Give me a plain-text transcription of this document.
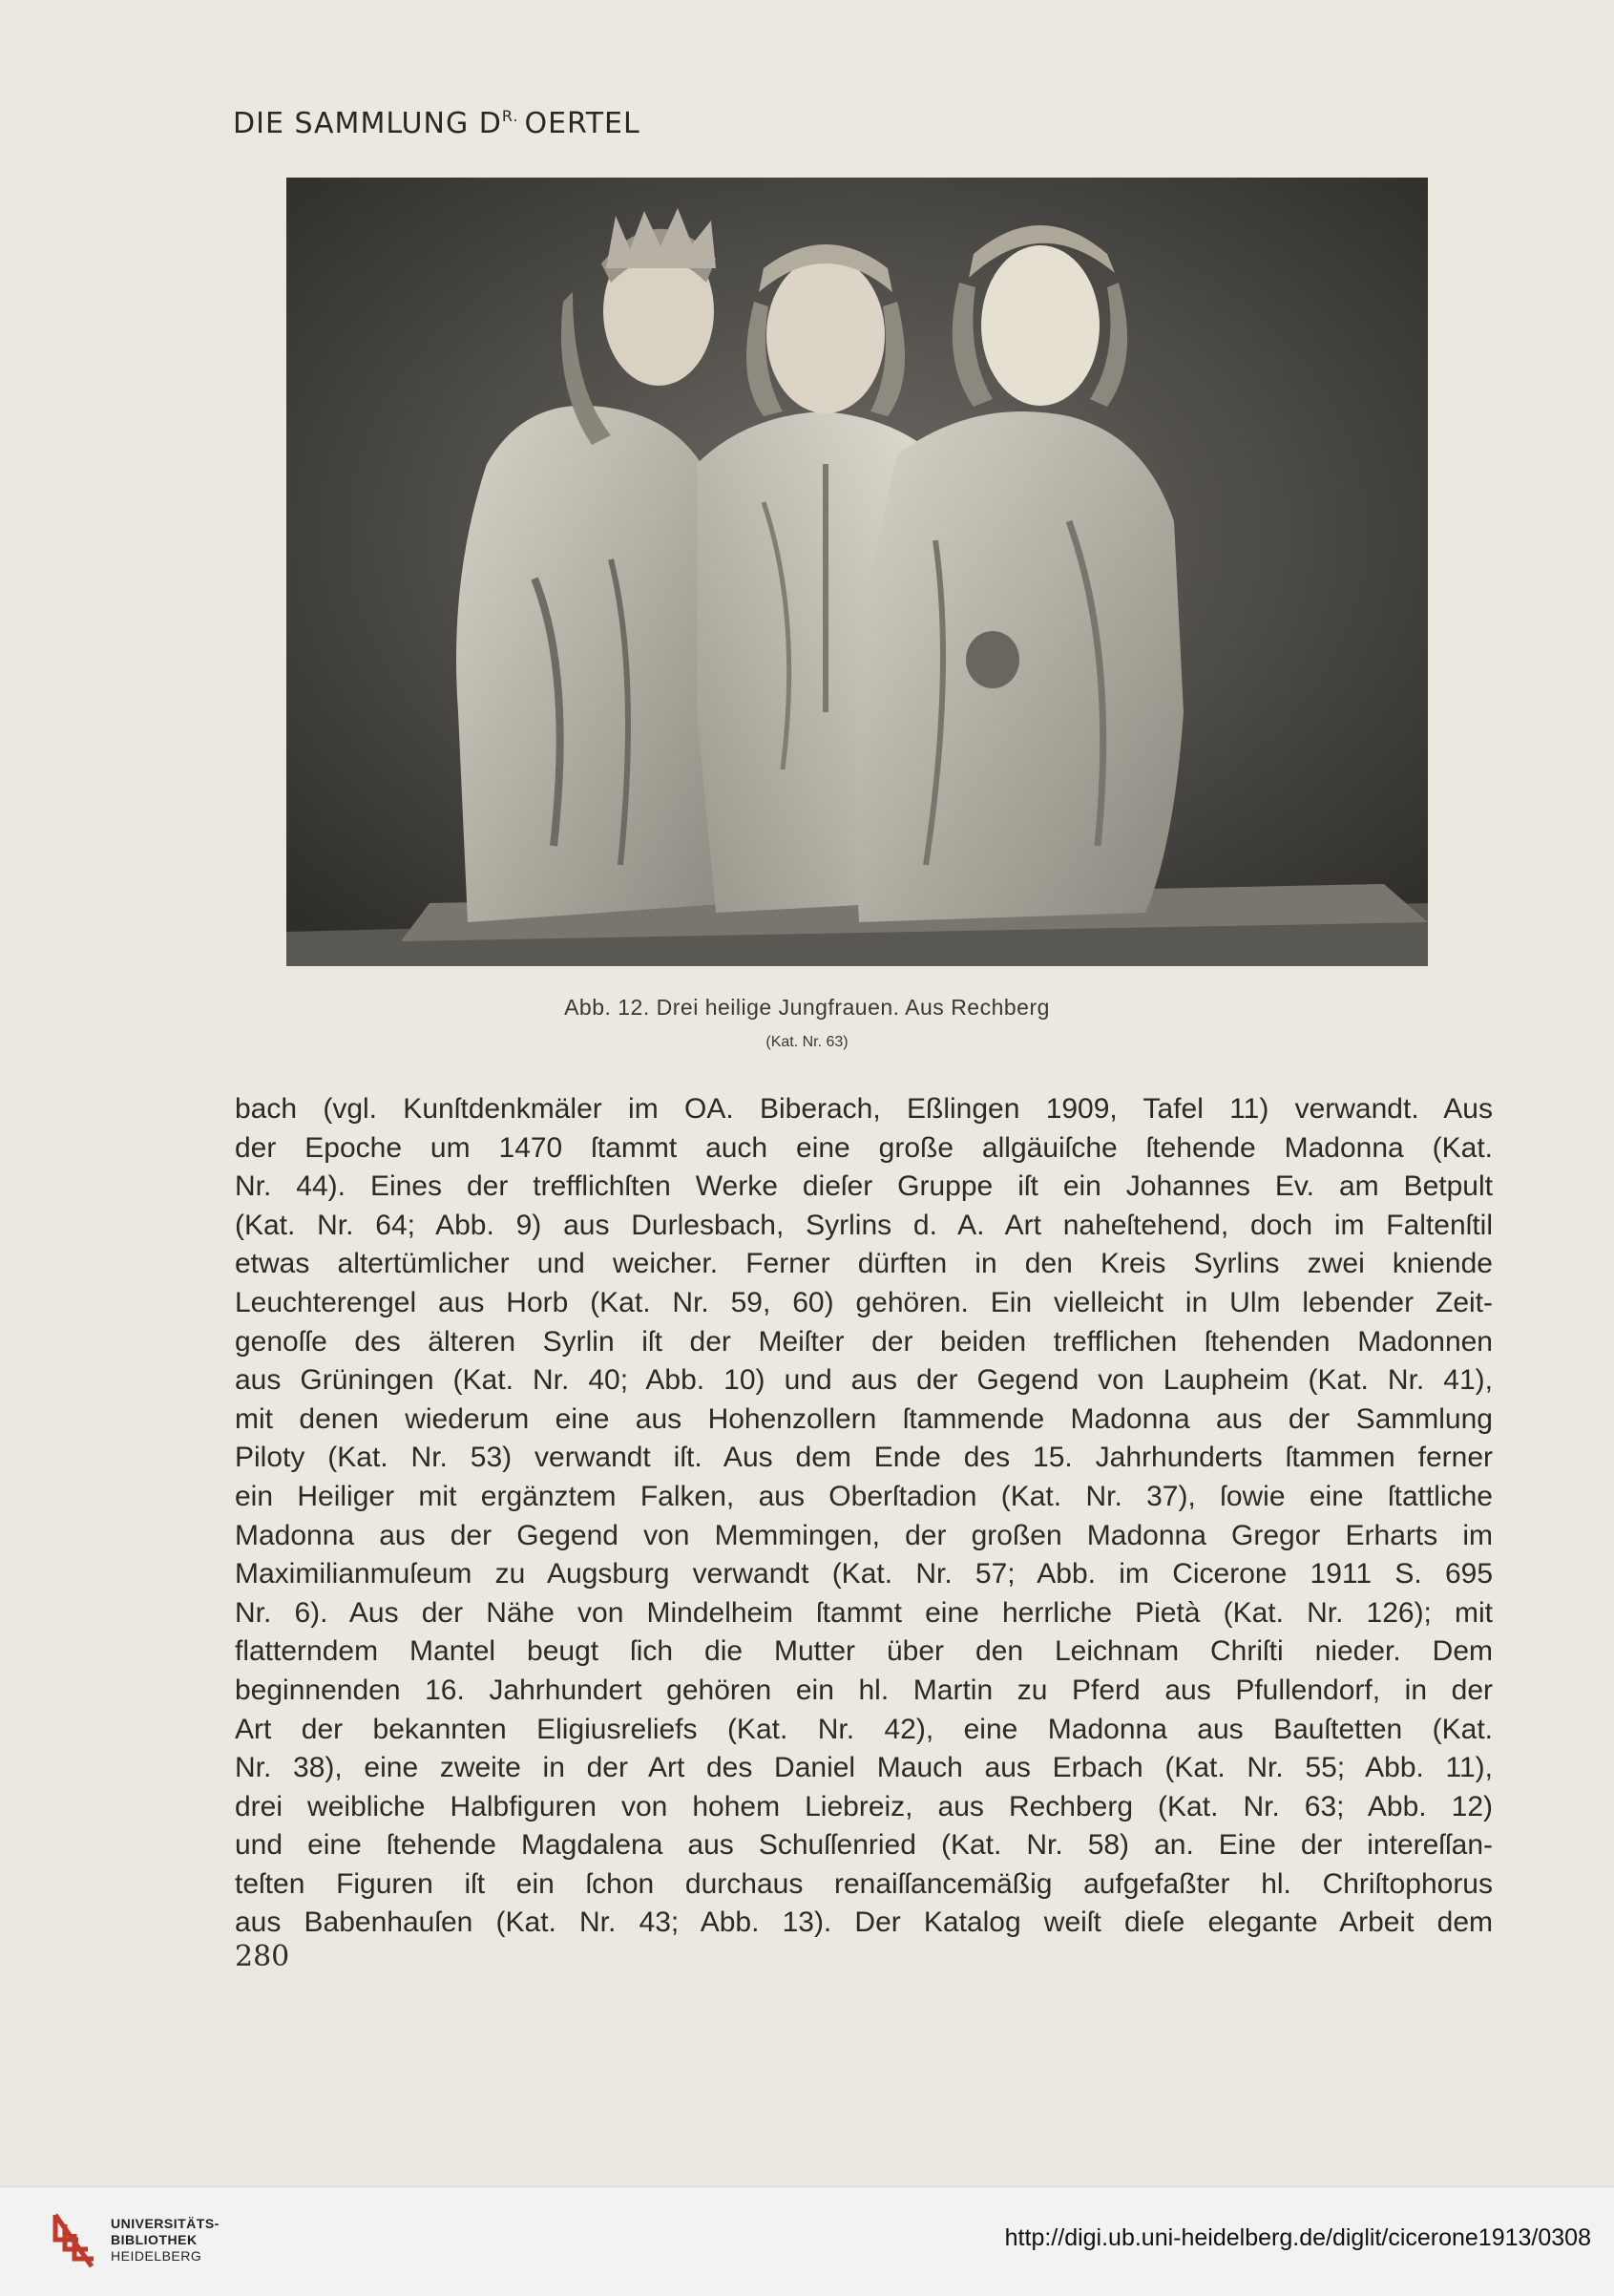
DIE SAMMLUNG $D^{R.}$ OERTEL
Abb. 12. Drei heilige Jungfrauen. Aus Rechberg
(Kat. Nr. 63)
bach (vgl. Kunſtdenkmäler im OA. Biberach, Eßlingen 1909, Tafel 11) verwandt. Aus
der Epoche um 1470 ſtammt auch eine große allgäuiſche ſtehende Madonna (Kat.
Nr. 44). Eines der trefflichſten Werke dieſer Gruppe iſt ein Johannes Ev. am Betpult
(Kat. Nr. 64; Abb. 9) aus Durlesbach, Syrlins d. A. Art naheſtehend, doch im Faltenſtil
etwas altertümlicher und weicher. Ferner dürften in den Kreis Syrlins zwei kniende
Leuchterengel aus Horb (Kat. Nr. 59, 60) gehören. Ein vielleicht in Ulm lebender Zeit-
genoſſe des älteren Syrlin iſt der Meiſter der beiden trefflichen ſtehenden Madonnen
aus Grüningen (Kat. Nr. 40; Abb. 10) und aus der Gegend von Laupheim (Kat. Nr. 41),
mit denen wiederum eine aus Hohenzollern ſtammende Madonna aus der Sammlung
Piloty (Kat. Nr. 53) verwandt iſt. Aus dem Ende des 15. Jahrhunderts ſtammen ferner
ein Heiliger mit ergänztem Falken, aus Oberſtadion (Kat. Nr. 37), ſowie eine ſtattliche
Madonna aus der Gegend von Memmingen, der großen Madonna Gregor Erharts im
Maximilianmuſeum zu Augsburg verwandt (Kat. Nr. 57; Abb. im Cicerone 1911 S. 695
Nr. 6). Aus der Nähe von Mindelheim ſtammt eine herrliche Pietà (Kat. Nr. 126); mit
flatterndem Mantel beugt ſich die Mutter über den Leichnam Chriſti nieder. Dem
beginnenden 16. Jahrhundert gehören ein hl. Martin zu Pferd aus Pfullendorf, in der
Art der bekannten Eligiusreliefs (Kat. Nr. 42), eine Madonna aus Bauſtetten (Kat.
Nr. 38), eine zweite in der Art des Daniel Mauch aus Erbach (Kat. Nr. 55; Abb. 11),
drei weibliche Halbfiguren von hohem Liebreiz, aus Rechberg (Kat. Nr. 63; Abb. 12)
und eine ſtehende Magdalena aus Schuſſenried (Kat. Nr. 58) an. Eine der intereſſan-
teſten Figuren iſt ein ſchon durchaus renaiſſancemäßig aufgefaßter hl. Chriſtophorus
aus Babenhauſen (Kat. Nr. 43; Abb. 13). Der Katalog weiſt dieſe elegante Arbeit dem
280
UNIVERSITÄTS-
BIBLIOTHEK
HEIDELBERG
http://digi.ub.uni-heidelberg.de/diglit/cicerone1913/0308
